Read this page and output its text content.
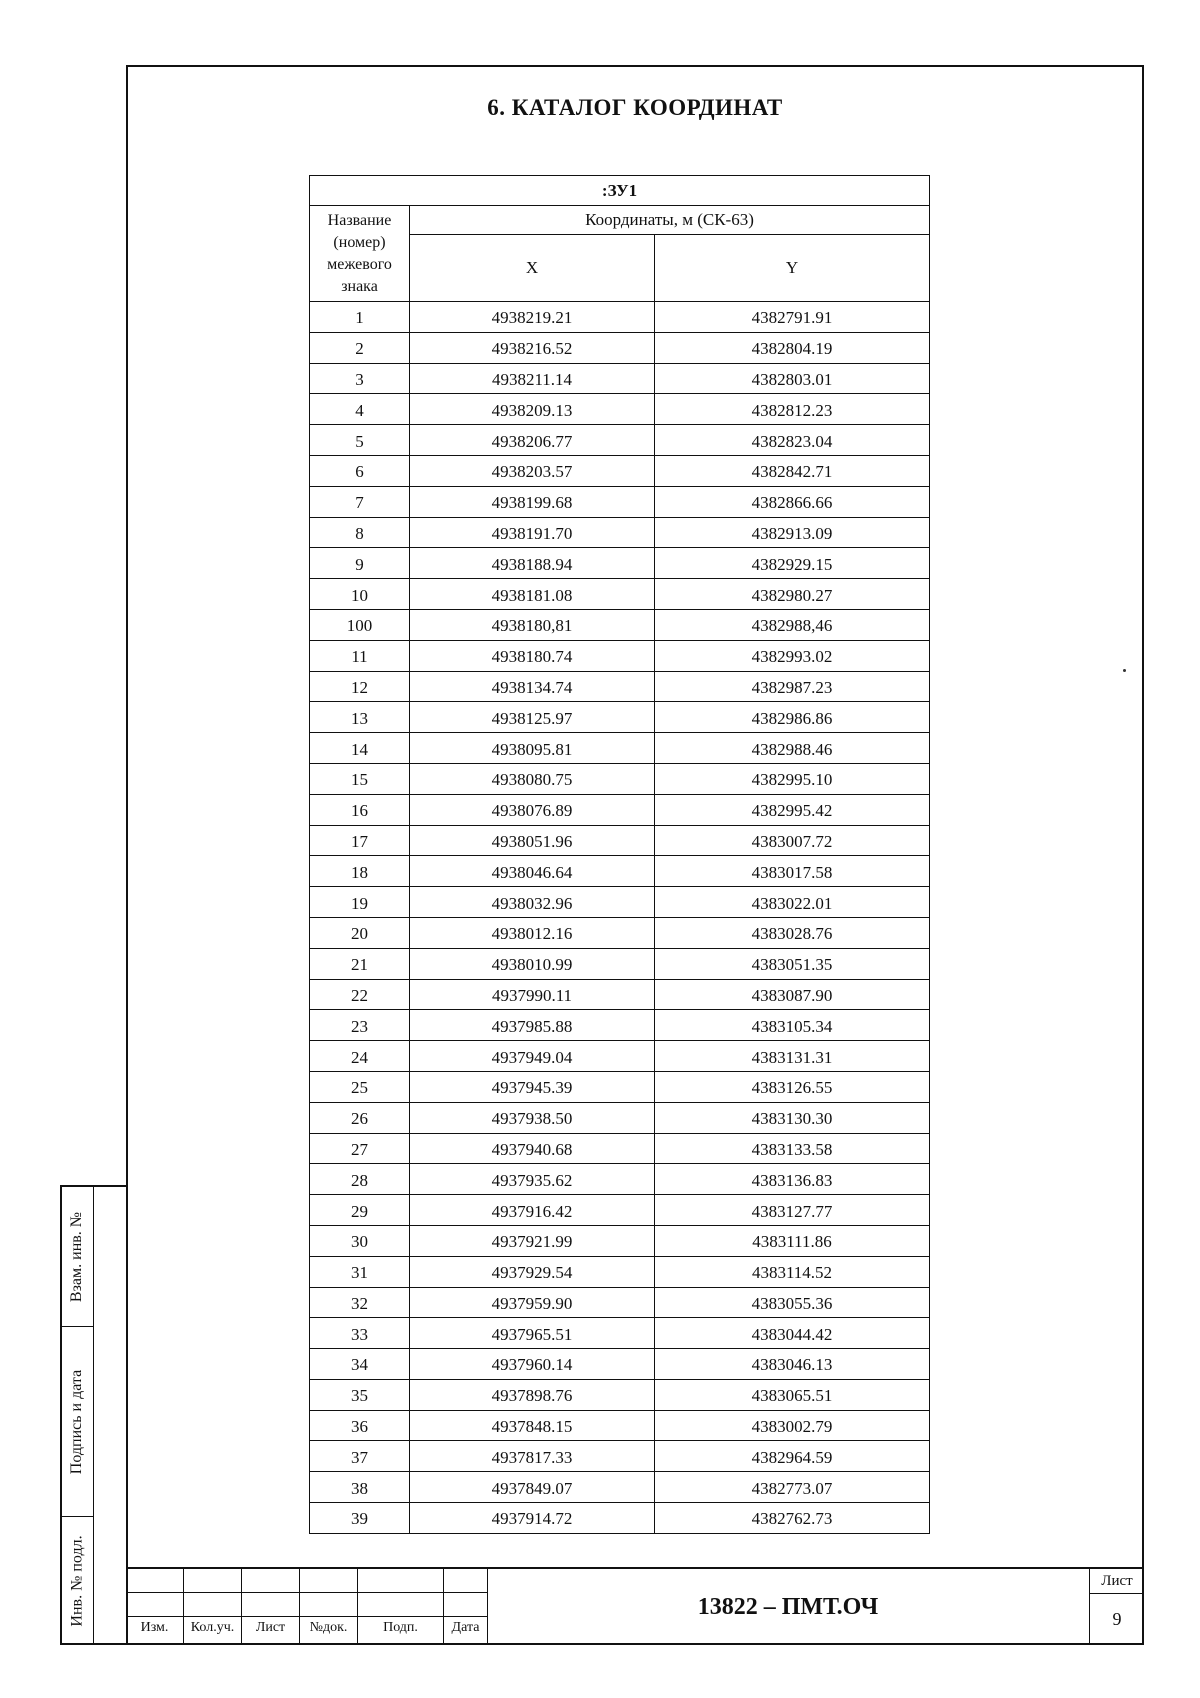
6. КАТАЛОГ КООРДИНАТ
:ЗУ1		
Название (номер) межевого знака	Координаты, м (СК-63)	
	X	Y
1	4938219.21	4382791.91
2	4938216.52	4382804.19
3	4938211.14	4382803.01
4	4938209.13	4382812.23
5	4938206.77	4382823.04
6	4938203.57	4382842.71
7	4938199.68	4382866.66
8	4938191.70	4382913.09
9	4938188.94	4382929.15
10	4938181.08	4382980.27
100	4938180,81	4382988,46
11	4938180.74	4382993.02
12	4938134.74	4382987.23
13	4938125.97	4382986.86
14	4938095.81	4382988.46
15	4938080.75	4382995.10
16	4938076.89	4382995.42
17	4938051.96	4383007.72
18	4938046.64	4383017.58
19	4938032.96	4383022.01
20	4938012.16	4383028.76
21	4938010.99	4383051.35
22	4937990.11	4383087.90
23	4937985.88	4383105.34
24	4937949.04	4383131.31
25	4937945.39	4383126.55
26	4937938.50	4383130.30
27	4937940.68	4383133.58
28	4937935.62	4383136.83
29	4937916.42	4383127.77
30	4937921.99	4383111.86
31	4937929.54	4383114.52
32	4937959.90	4383055.36
33	4937965.51	4383044.42
34	4937960.14	4383046.13
35	4937898.76	4383065.51
36	4937848.15	4383002.79
37	4937817.33	4382964.59
38	4937849.07	4382773.07
39	4937914.72	4382762.73
Взам. инв. №
Подпись и дата
Инв. № подл.
Изм.	Кол.уч.	Лист	№док.	Подп.	Дата
13822 – ПМТ.ОЧ
Лист
9
